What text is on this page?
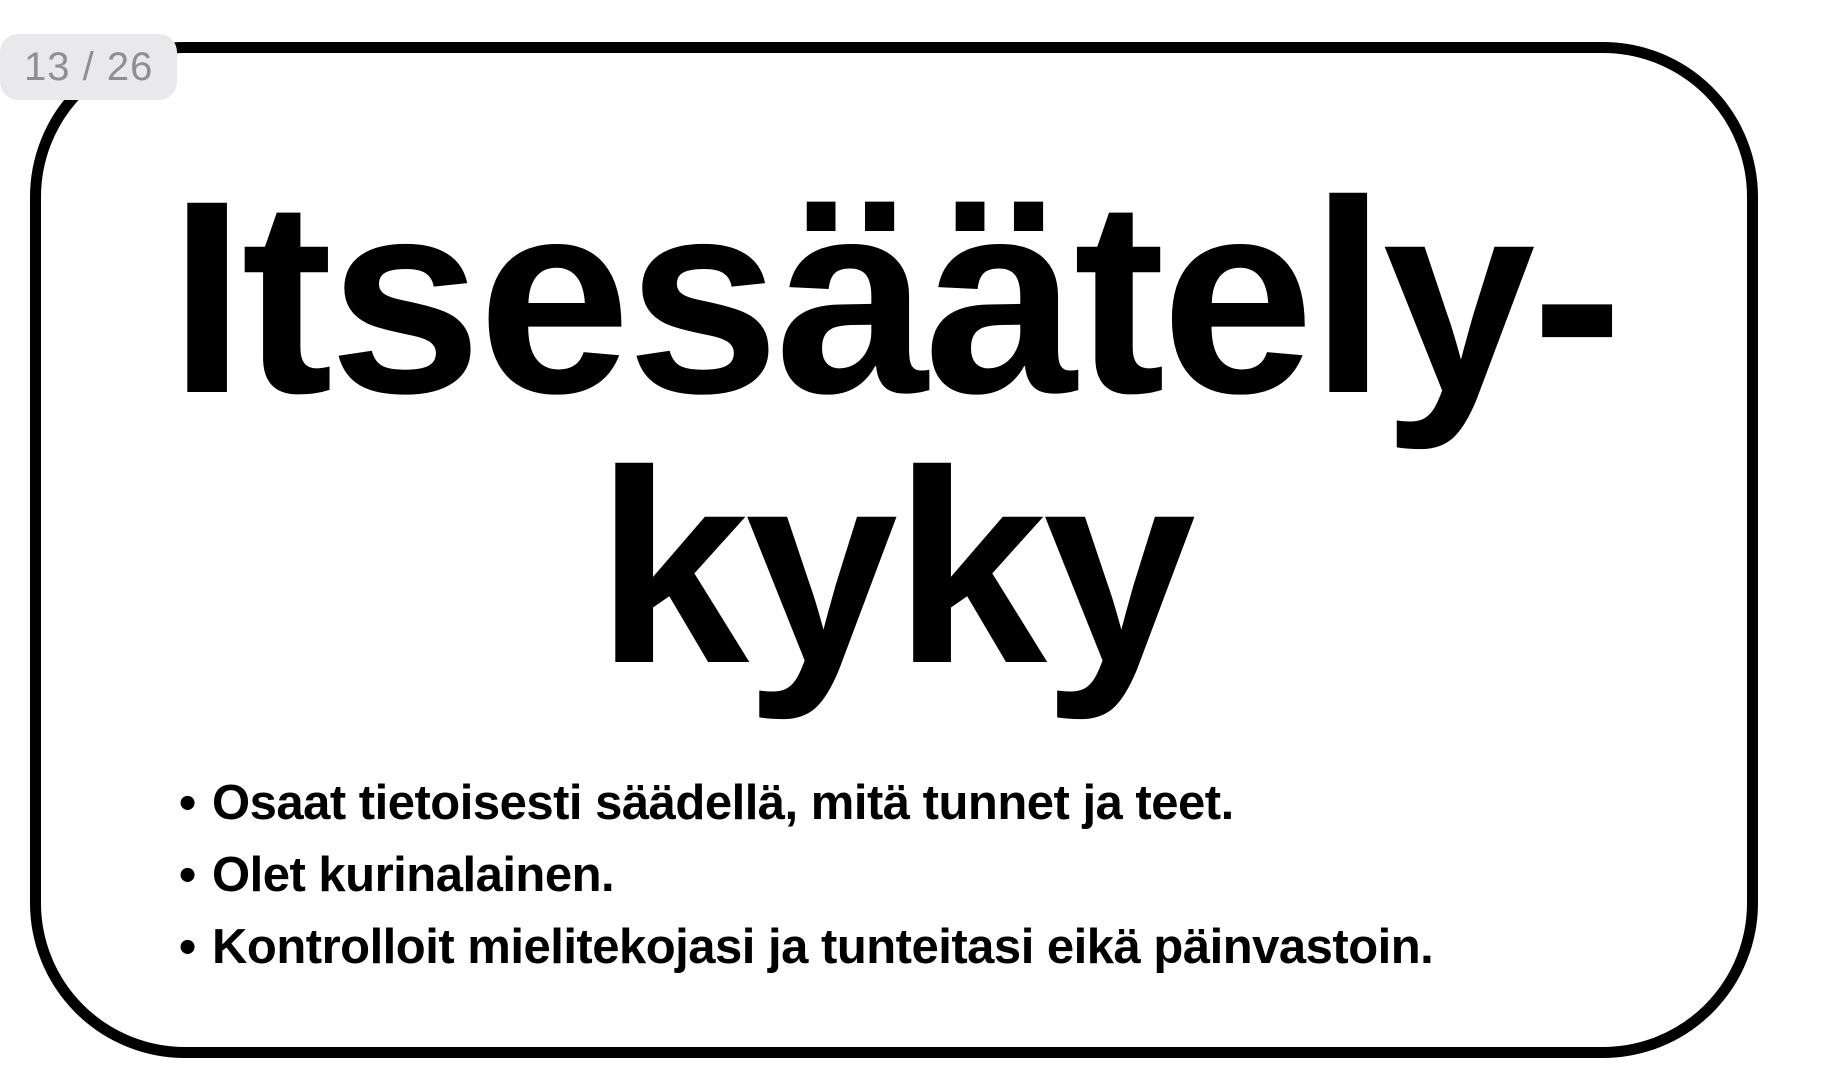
Itsesäätely-
kyky
• Osaat tietoisesti säädellä, mitä tunnet ja teet.
• Olet kurinalainen.
• Kontrolloit mielitekojasi ja tunteitasi eikä päinvastoin.
13 / 26
